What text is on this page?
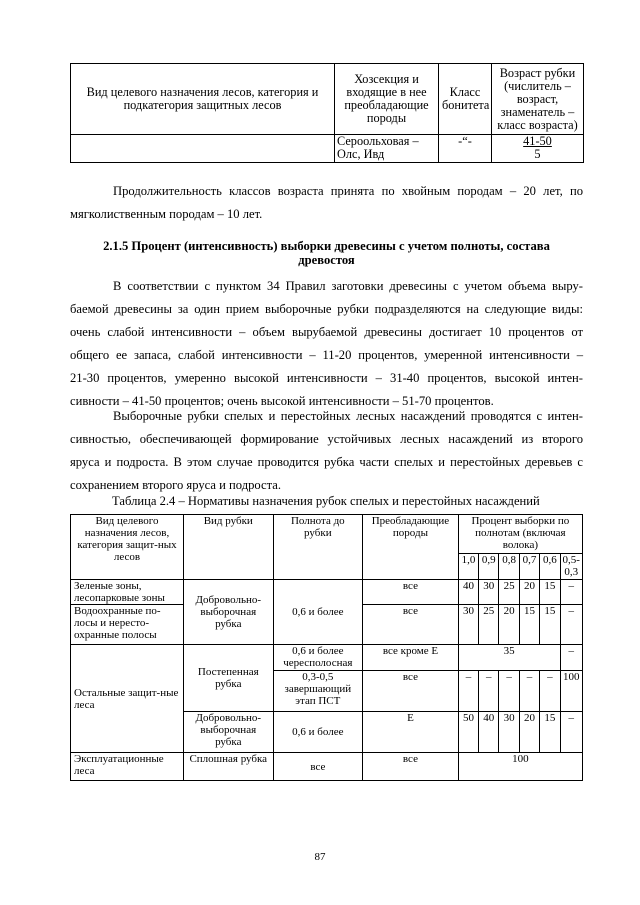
Вид целевого назначения лесов, категория и подкатегория защитных лесов	Хозсекция и входящие в нее преобладающие породы	Класс бонитета	Возраст рубки (числитель – возраст, знаменатель – класс возраста)
	Сероольховая – Олс, Ивд	-“-	41-50
5

Продолжительность классов возраста принята по хвойным породам – 20 лет, по
мягколиственным породам – 10 лет.

2.1.5 Процент (интенсивность) выборки древесины с учетом полноты, состава
древостоя

В соответствии с пунктом 34 Правил заготовки древесины с учетом объема выру-
баемой древесины за один прием выборочные рубки подразделяются на следующие виды:
очень слабой интенсивности – объем вырубаемой древесины достигает 10 процентов от
общего ее запаса, слабой интенсивности – 11-20 процентов, умеренной интенсивности –
21-30 процентов, умеренно высокой интенсивности – 31-40 процентов, высокой интен-
сивности – 41-50 процентов; очень высокой интенсивности – 51-70 процентов.

Выборочные рубки спелых и перестойных лесных насаждений проводятся с интен-
сивностью, обеспечивающей формирование устойчивых лесных насаждений из второго
яруса и подроста. В этом случае проводится рубка части спелых и перестойных деревьев с
сохранением второго яруса и подроста.

Таблица 2.4 – Нормативы назначения рубок спелых и перестойных насаждений
Вид целевого назначения лесов, категория защит-ных лесов	Вид рубки	Полнота до рубки	Преобладающие породы	Процент выборки по полнотам (включая волока)					
				1,0	0,9	0,8	0,7	0,6	0,5-0,3
Зеленые зоны, лесопарковые зоны	Добровольно-выборочная рубка	0,6 и более	все	40	30	25	20	15	–
Водоохранные по-лосы и нересто-охранные полосы			все	30	25	20	15	15	–
Остальные защит-ные леса	Постепенная рубка	0,6 и более чересполосная	все кроме Е	35					–
		0,3-0,5 завершающий этап ПСТ	все	–	–	–	–	–	100
	Добровольно-выборочная рубка	0,6 и более	Е	50	40	30	20	15	–
Эксплуатационные леса	Сплошная рубка	все	все	100					
87
